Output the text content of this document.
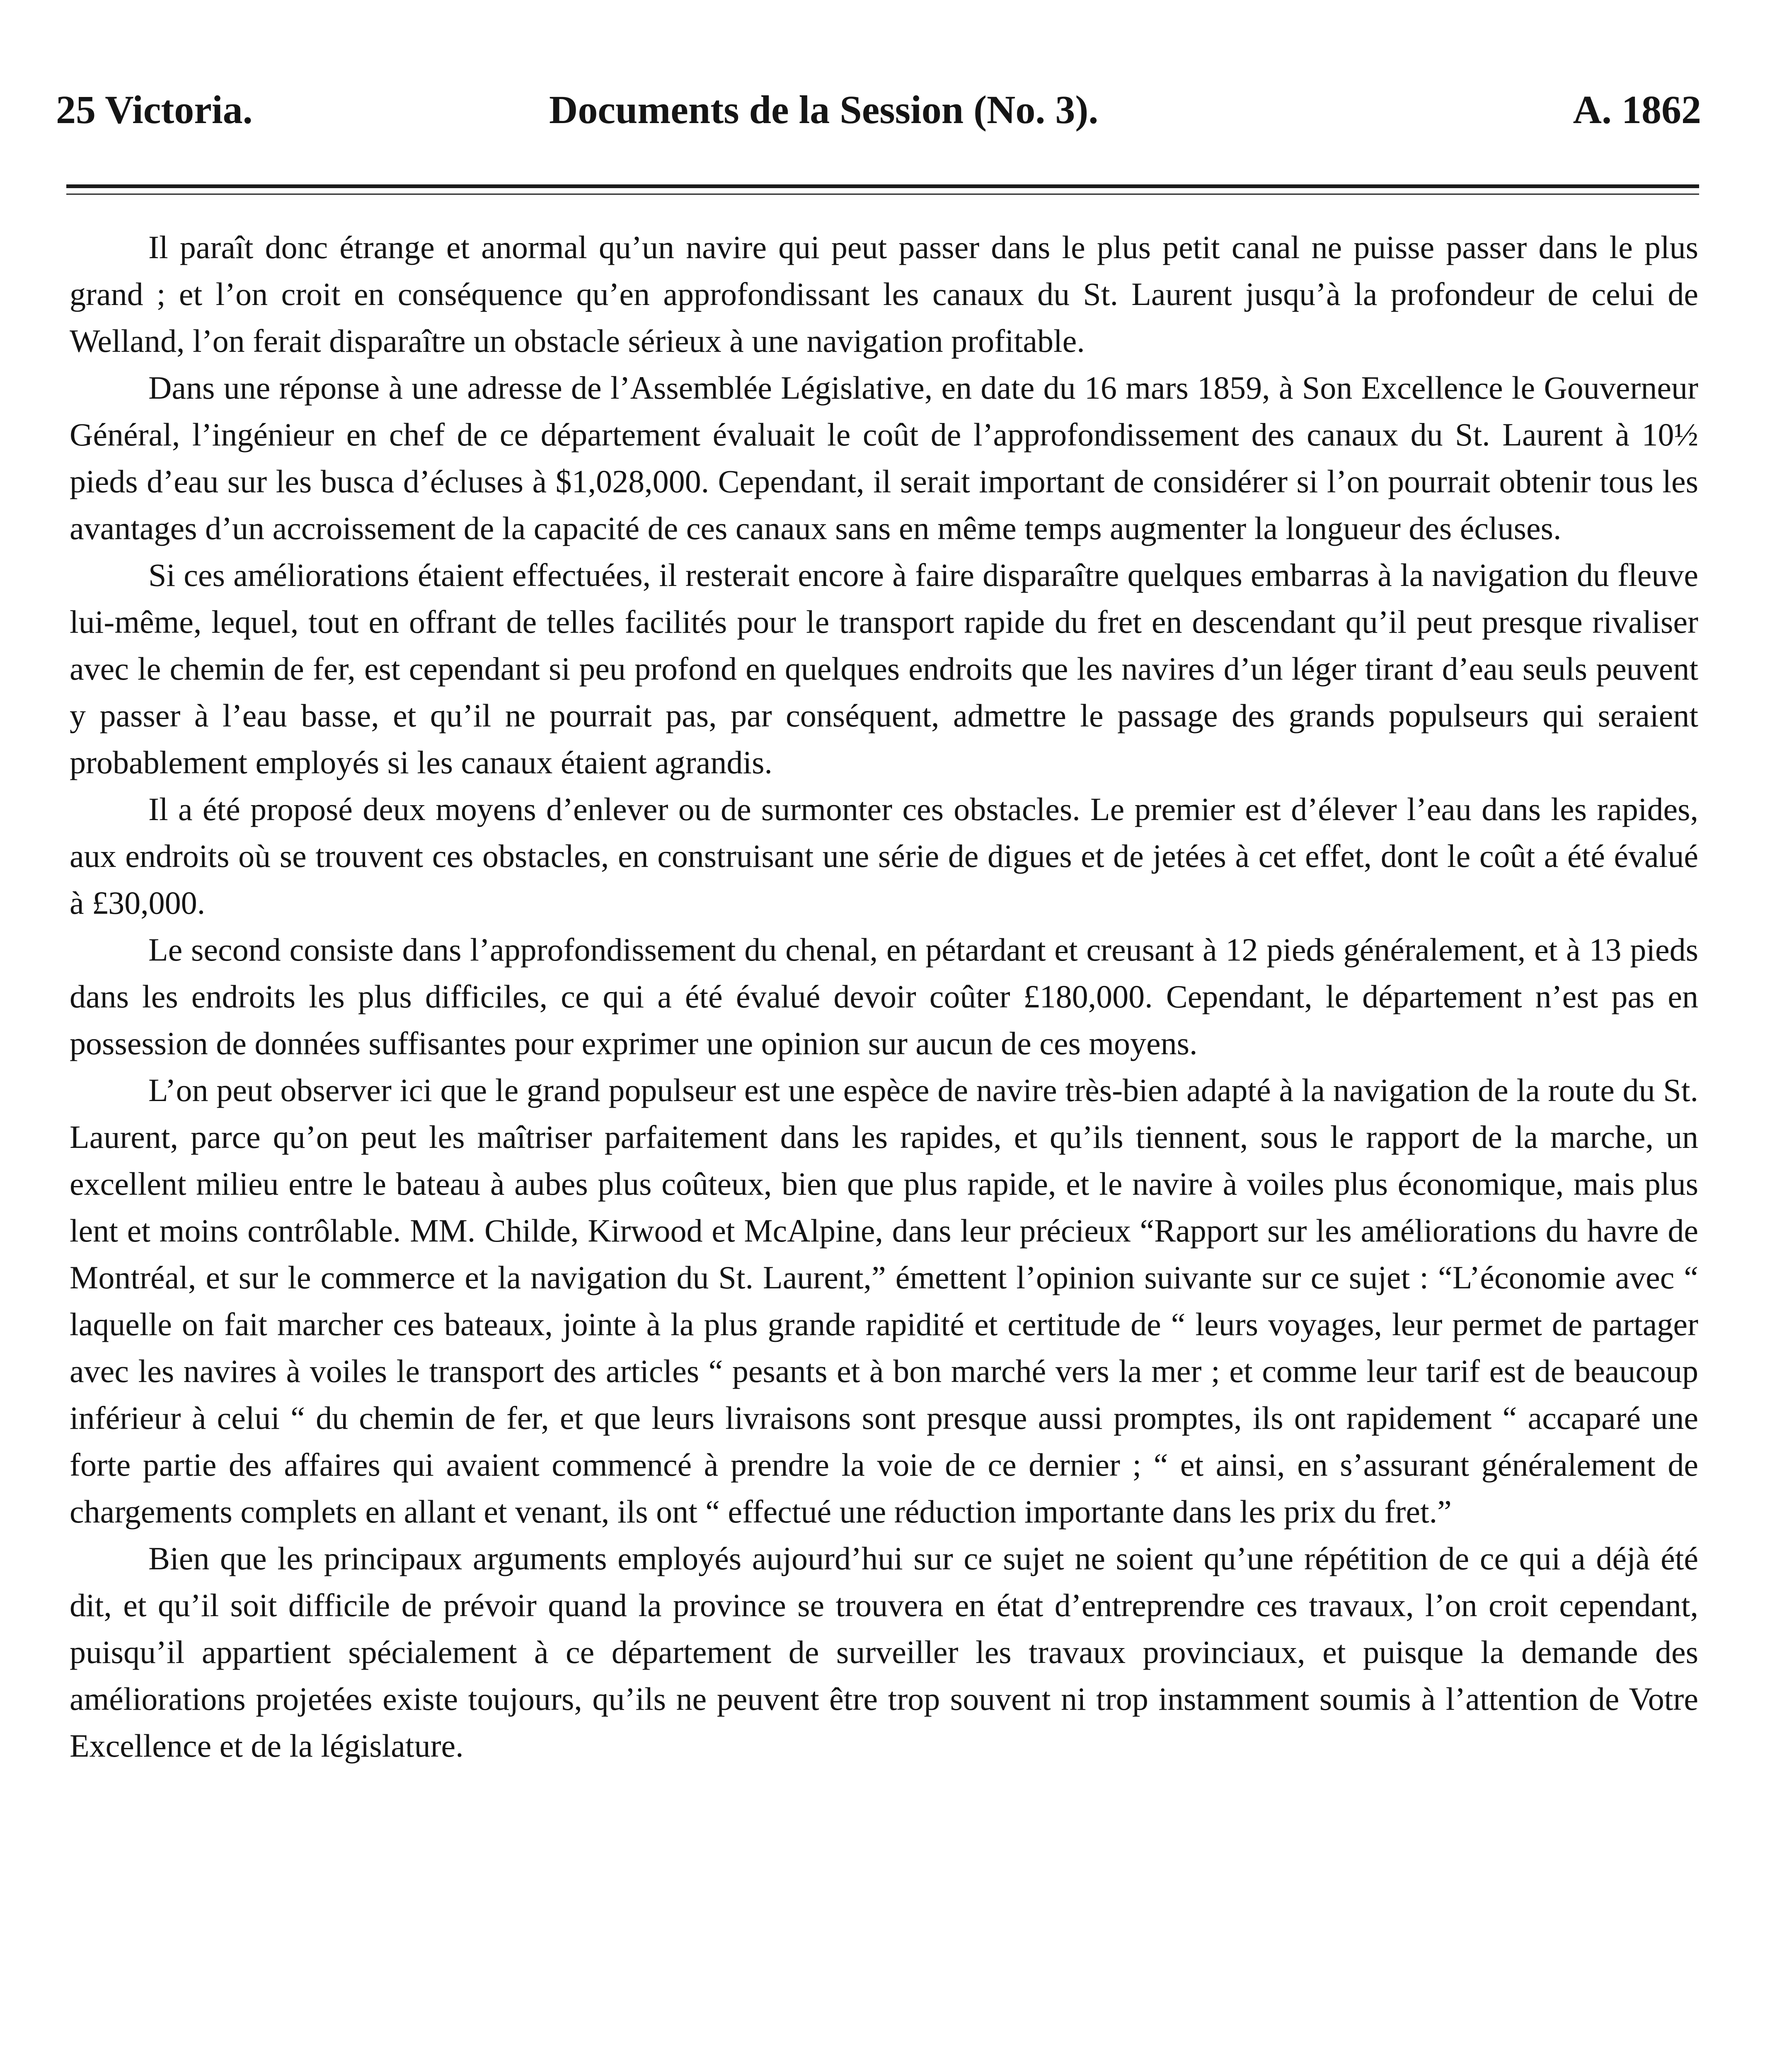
25 Victoria.	Documents de la Session (No. 3).	A. 1862

Il paraît donc étrange et anormal qu’un navire qui peut passer dans le plus petit canal ne puisse passer dans le plus grand ; et l’on croit en conséquence qu’en approfondissant les canaux du St. Laurent jusqu’à la profondeur de celui de Welland, l’on ferait disparaître un obstacle sérieux à une navigation profitable.

Dans une réponse à une adresse de l’Assemblée Législative, en date du 16 mars 1859, à Son Excellence le Gouverneur Général, l’ingénieur en chef de ce département évaluait le coût de l’approfondissement des canaux du St. Laurent à 10½ pieds d’eau sur les busca d’écluses à $1,028,000. Cependant, il serait important de considérer si l’on pourrait obtenir tous les avantages d’un accroissement de la capacité de ces canaux sans en même temps augmenter la longueur des écluses.

Si ces améliorations étaient effectuées, il resterait encore à faire disparaître quelques embarras à la navigation du fleuve lui-même, lequel, tout en offrant de telles facilités pour le transport rapide du fret en descendant qu’il peut presque rivaliser avec le chemin de fer, est cependant si peu profond en quelques endroits que les navires d’un léger tirant d’eau seuls peuvent y passer à l’eau basse, et qu’il ne pourrait pas, par conséquent, admettre le passage des grands populseurs qui seraient probablement employés si les canaux étaient agrandis.

Il a été proposé deux moyens d’enlever ou de surmonter ces obstacles. Le premier est d’élever l’eau dans les rapides, aux endroits où se trouvent ces obstacles, en construisant une série de digues et de jetées à cet effet, dont le coût a été évalué à £30,000.

Le second consiste dans l’approfondissement du chenal, en pétardant et creusant à 12 pieds généralement, et à 13 pieds dans les endroits les plus difficiles, ce qui a été évalué devoir coûter £180,000. Cependant, le département n’est pas en possession de données suffisantes pour exprimer une opinion sur aucun de ces moyens.

L’on peut observer ici que le grand populseur est une espèce de navire très-bien adapté à la navigation de la route du St. Laurent, parce qu’on peut les maîtriser parfaitement dans les rapides, et qu’ils tiennent, sous le rapport de la marche, un excellent milieu entre le bateau à aubes plus coûteux, bien que plus rapide, et le navire à voiles plus économique, mais plus lent et moins contrôlable. MM. Childe, Kirwood et McAlpine, dans leur précieux “Rapport sur les améliorations du havre de Montréal, et sur le commerce et la navigation du St. Laurent,” émettent l’opinion suivante sur ce sujet : “L’économie avec “ laquelle on fait marcher ces bateaux, jointe à la plus grande rapidité et certitude de “ leurs voyages, leur permet de partager avec les navires à voiles le transport des articles “ pesants et à bon marché vers la mer ; et comme leur tarif est de beaucoup inférieur à celui “ du chemin de fer, et que leurs livraisons sont presque aussi promptes, ils ont rapidement “ accaparé une forte partie des affaires qui avaient commencé à prendre la voie de ce dernier ; “ et ainsi, en s’assurant généralement de chargements complets en allant et venant, ils ont “ effectué une réduction importante dans les prix du fret.”

Bien que les principaux arguments employés aujourd’hui sur ce sujet ne soient qu’une répétition de ce qui a déjà été dit, et qu’il soit difficile de prévoir quand la province se trouvera en état d’entreprendre ces travaux, l’on croit cependant, puisqu’il appartient spécialement à ce département de surveiller les travaux provinciaux, et puisque la demande des améliorations projetées existe toujours, qu’ils ne peuvent être trop souvent ni trop instamment soumis à l’attention de Votre Excellence et de la législature.
